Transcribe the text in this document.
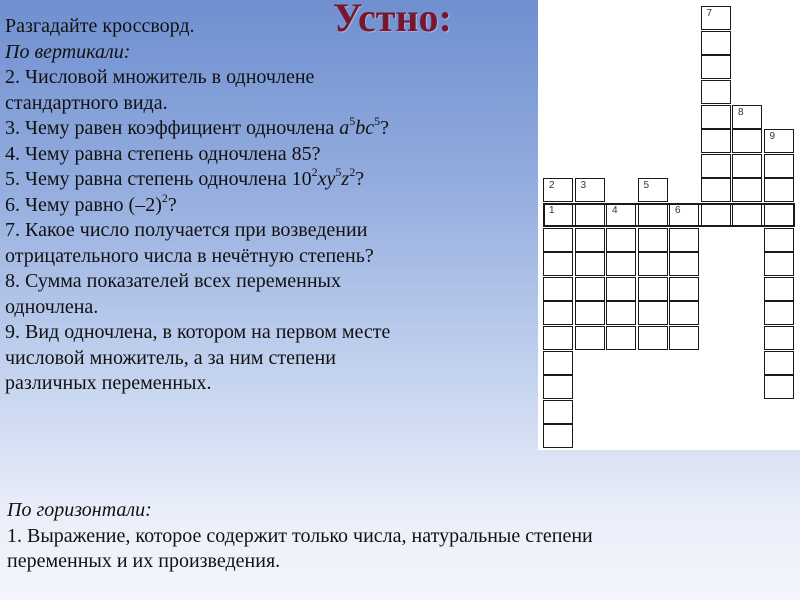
Устно:
Разгадайте кроссворд.
По вертикали:
2. Числовой множитель в одночлене
стандартного вида.
3. Чему равен коэффициент одночлена $a^5bc^5$?
4. Чему равна степень одночлена 85?
5. Чему равна степень одночлена $10^2xy^5z^2$?
6. Чему равно $(-2)^2$?
7. Какое число получается при возведении
отрицательного числа в нечётную степень?
8. Сумма показателей всех переменных
одночлена.
9. Вид одночлена, в котором на первом месте
числовой множитель, а за ним степени
различных переменных.
По горизонтали:
1. Выражение, которое содержит только числа, натуральные степени
переменных и их произведения.
2
1
3
4
5
6
7
8
9
